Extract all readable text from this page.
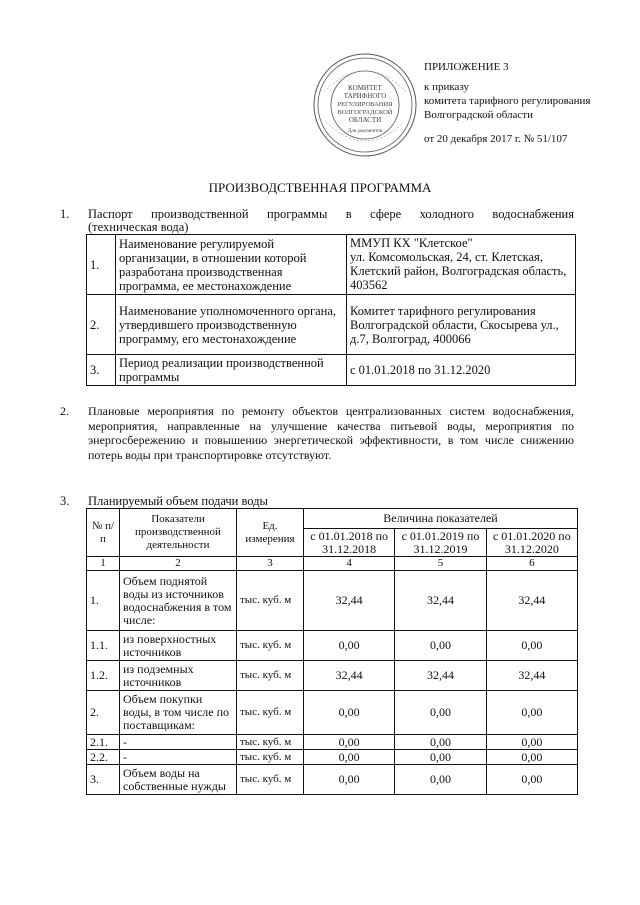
КОМИТЕТ
ТАРИФНОГО
РЕГУЛИРОВАНИЯ
ВОЛГОГРАДСКОЙ
ОБЛАСТИ
Для документов
ПРИЛОЖЕНИЕ 3
к приказу
комитета тарифного регулирования
Волгоградской области
от 20 декабря 2017 г. № 51/107
ПРОИЗВОДСТВЕННАЯ ПРОГРАММА
1. Паспорт производственной программы в сфере холодного водоснабжения
(техническая вода)
1.	Наименование регулируемой организации, в отношении которой разработана производственная программа, ее местонахождение	ММУП КХ "Клетское"
ул. Комсомольская, 24, ст. Клетская, Клетский район, Волгоградская область, 403562

2.	Наименование уполномоченного органа, утвердившего производственную программу, его местонахождение	Комитет тарифного регулирования Волгоградской области, Скосырева ул., д.7, Волгоград, 400066
3.	Период реализации производственной программы	с 01.01.2018 по 31.12.2020
2. Плановые мероприятия по ремонту объектов централизованных систем водоснабжения, мероприятия, направленные на улучшение качества питьевой воды, мероприятия по энергосбережению и повышению энергетической эффективности, в том числе снижению потерь воды при транспортировке отсутствуют.
3. Планируемый объем подачи воды
№ п/п	Показатели производственной деятельности	Ед. измерения	Величина показателей		
			с 01.01.2018 по 31.12.2018	с 01.01.2019 по 31.12.2019	с 01.01.2020 по 31.12.2020
1	2	3	4	5	6
1.	Объем поднятой воды из источников водоснабжения в том числе:	тыс. куб. м	32,44	32,44	32,44
1.1.	из поверхностных источников	тыс. куб. м	0,00	0,00	0,00
1.2.	из подземных источников	тыс. куб. м	32,44	32,44	32,44
2.	Объем покупки воды, в том числе по поставщикам:	тыс. куб. м	0,00	0,00	0,00
2.1.	-	тыс. куб. м	0,00	0,00	0,00
2.2.	-	тыс. куб. м	0,00	0,00	0,00
3.	Объем воды на собственные нужды	тыс. куб. м	0,00	0,00	0,00
